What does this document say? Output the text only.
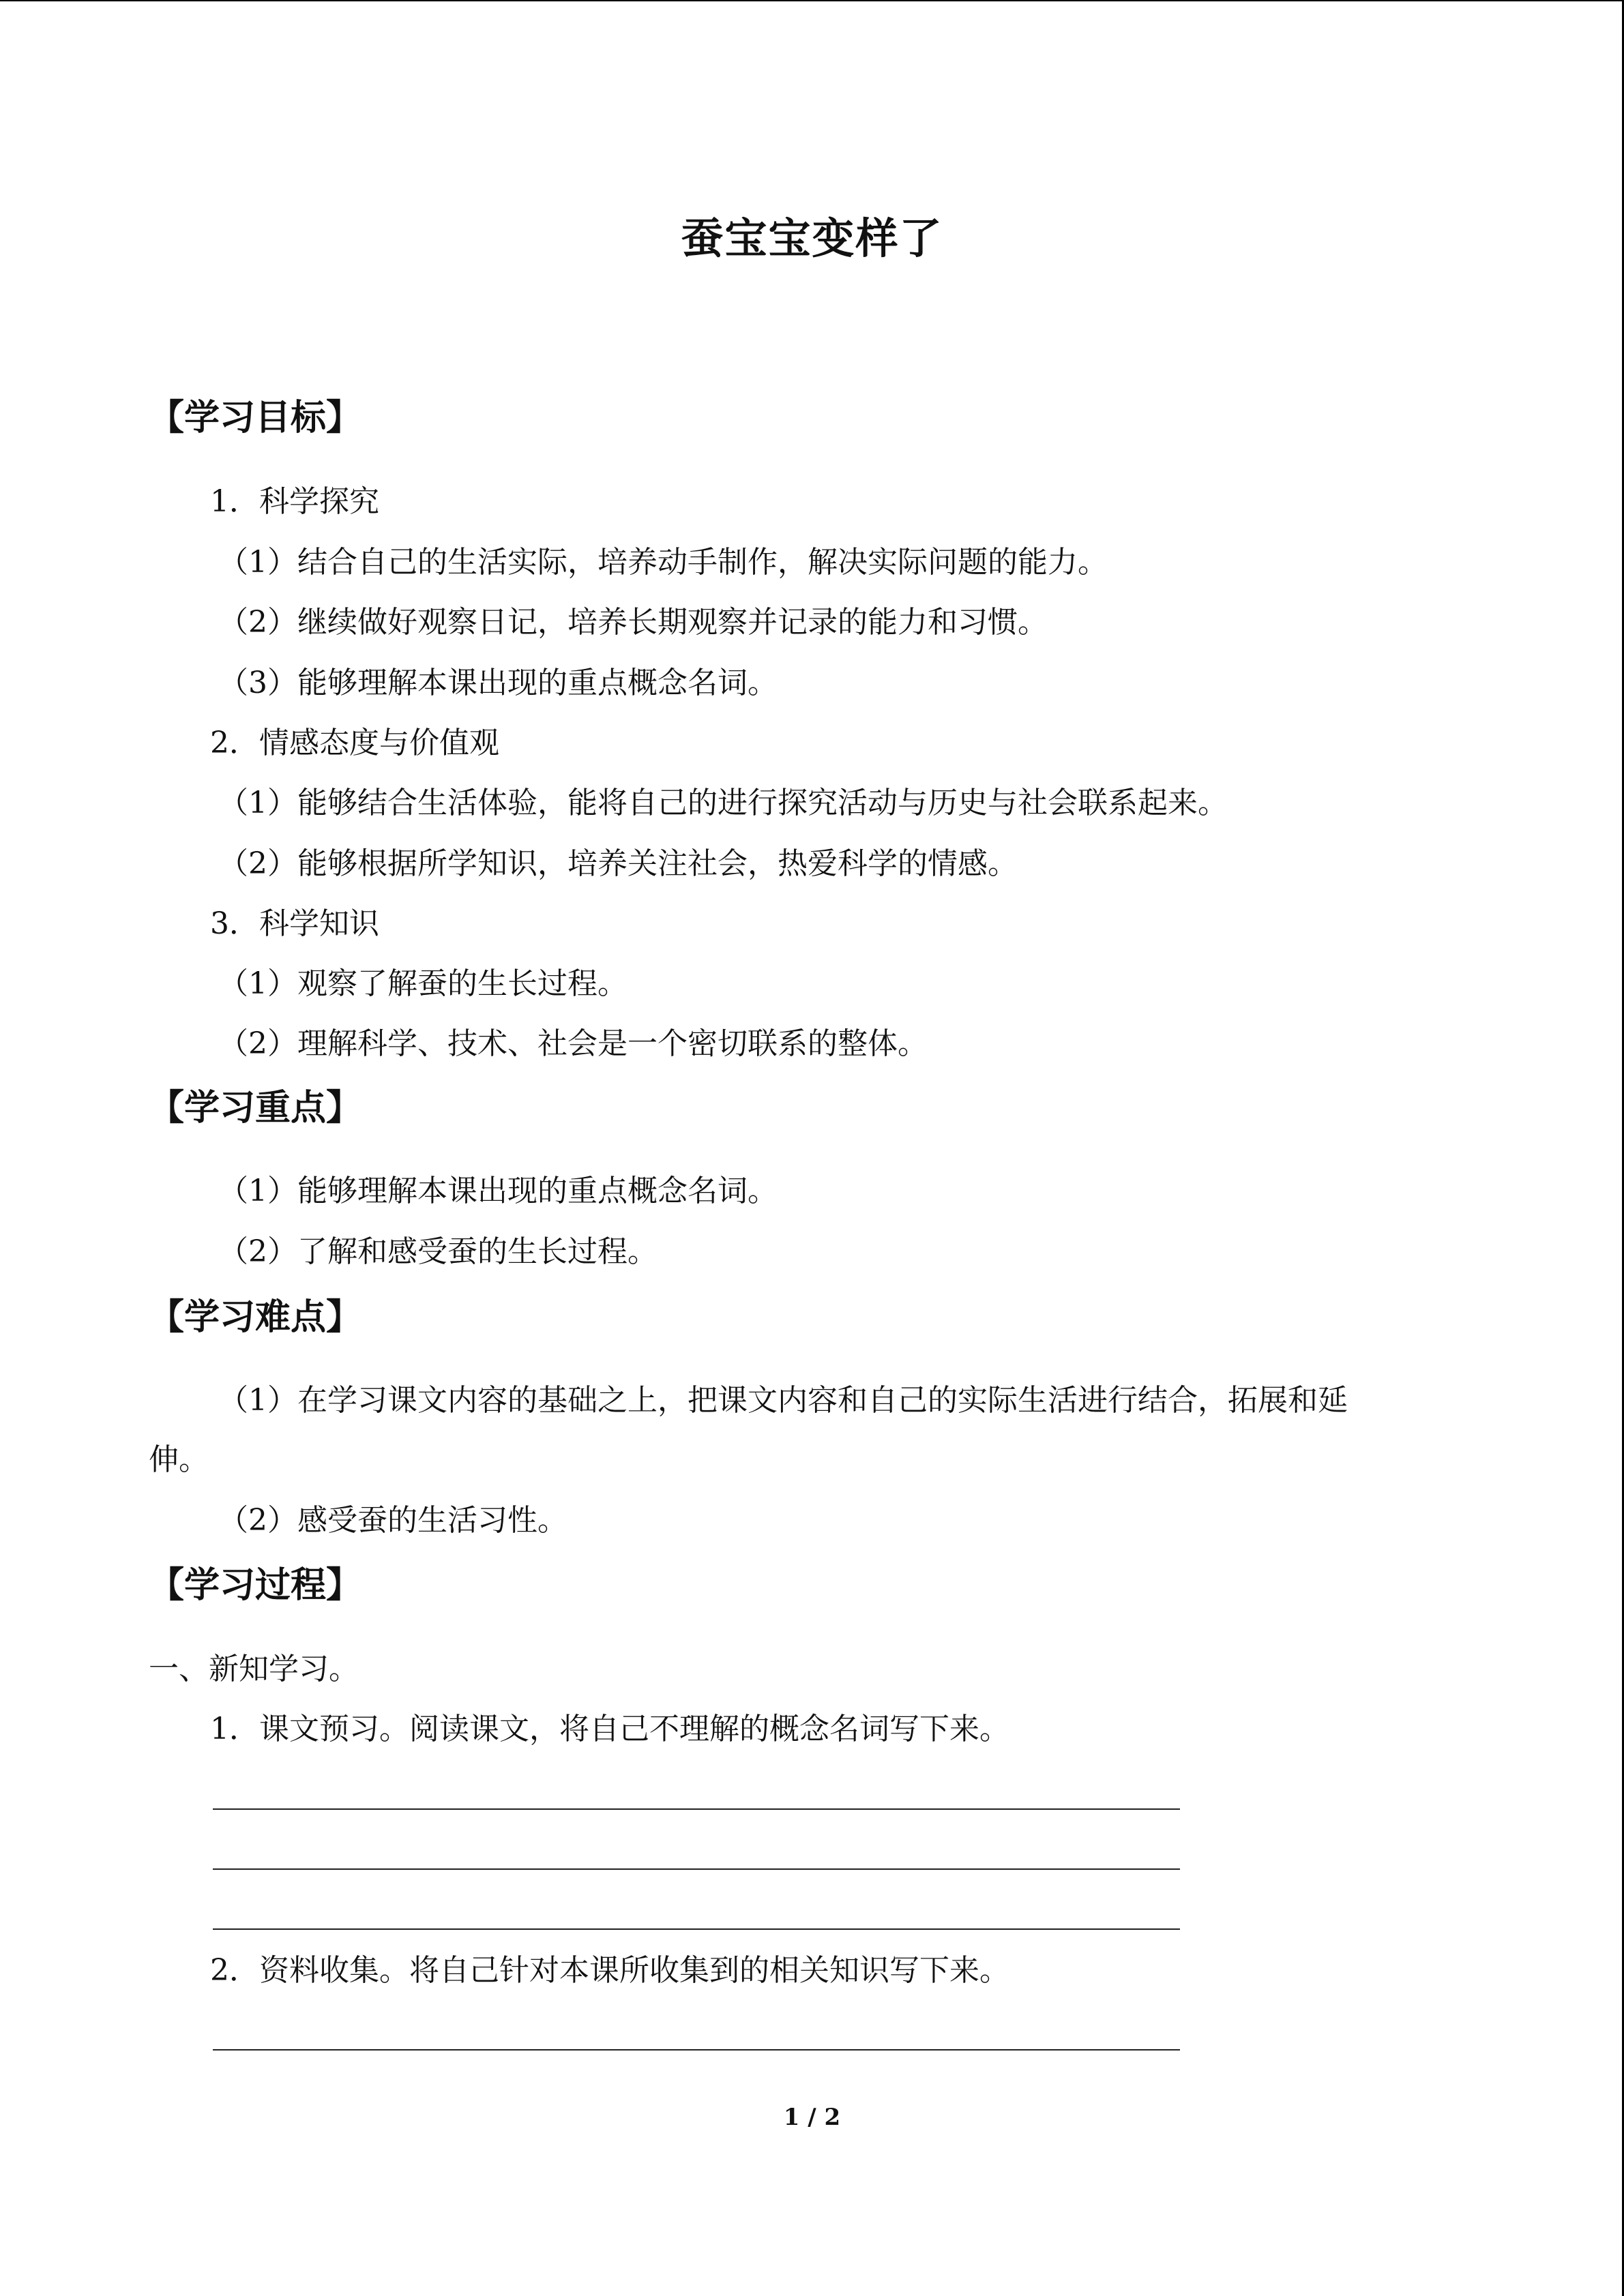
蚕宝宝变样了
【学习目标】
1．科学探究
（1）结合自己的生活实际，培养动手制作，解决实际问题的能力。
（2）继续做好观察日记，培养长期观察并记录的能力和习惯。
（3）能够理解本课出现的重点概念名词。
2．情感态度与价值观
（1）能够结合生活体验，能将自己的进行探究活动与历史与社会联系起来。
（2）能够根据所学知识，培养关注社会，热爱科学的情感。
3．科学知识
（1）观察了解蚕的生长过程。
（2）理解科学、技术、社会是一个密切联系的整体。
【学习重点】
（1）能够理解本课出现的重点概念名词。
（2）了解和感受蚕的生长过程。
【学习难点】
（1）在学习课文内容的基础之上，把课文内容和自己的实际生活进行结合，拓展和延
伸。
（2）感受蚕的生活习性。
【学习过程】
一、新知学习。
1．课文预习。阅读课文，将自己不理解的概念名词写下来。
2．资料收集。将自己针对本课所收集到的相关知识写下来。
1 / 2
